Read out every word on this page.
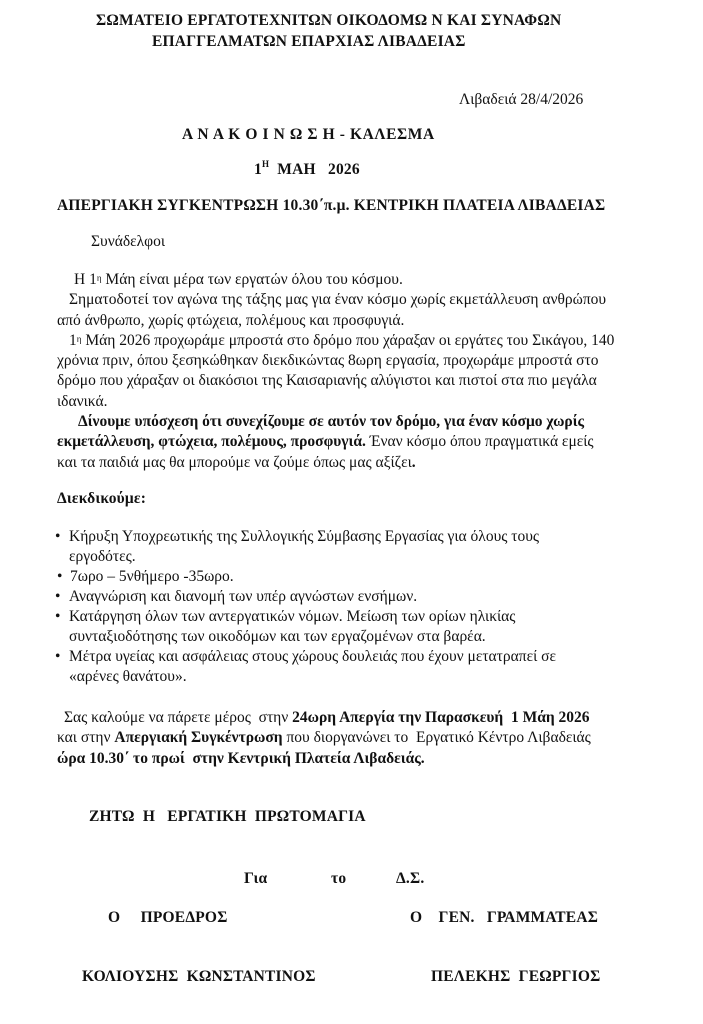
ΣΩΜΑΤΕΙΟ ΕΡΓΑΤΟΤΕΧΝΙΤΩΝ ΟΙΚΟΔΟΜΩ Ν ΚΑΙ ΣΥΝΑΦΩΝ
ΕΠΑΓΓΕΛΜΑΤΩΝ ΕΠΑΡΧΙΑΣ ΛΙΒΑΔΕΙΑΣ
Λιβαδειά 28/4/2026
Α Ν Α Κ Ο Ι Ν Ω Σ Η - ΚΑΛΕΣΜΑ
$1^H$  ΜΑΗ   2026
ΑΠΕΡΓΙΑΚΗ ΣΥΓΚΕΝΤΡΩΣΗ 10.30΄π.μ. ΚΕΝΤΡΙΚΗ ΠΛΑΤΕΙΑ ΛΙΒΑΔΕΙΑΣ
Συνάδελφοι
Η $1^\eta$ Μάη είναι μέρα των εργατών όλου του κόσμου.
Σηματοδοτεί τον αγώνα της τάξης μας για έναν κόσμο χωρίς εκμετάλλευση ανθρώπου
από άνθρωπο, χωρίς φτώχεια, πολέμους και προσφυγιά.
$1^\eta$ Μάη 2026 προχωράμε μπροστά στο δρόμο που χάραξαν οι εργάτες του Σικάγου, 140
χρόνια πριν, όπου ξεσηκώθηκαν διεκδικώντας 8ωρη εργασία, προχωράμε μπροστά στο
δρόμο που χάραξαν οι διακόσιοι της Καισαριανής αλύγιστοι και πιστοί στα πιο μεγάλα
ιδανικά.
Δίνουμε υπόσχεση ότι συνεχίζουμε σε αυτόν τον δρόμο, για έναν κόσμο χωρίς
εκμετάλλευση, φτώχεια, πολέμους, προσφυγιά. Έναν κόσμο όπου πραγματικά εμείς
και τα παιδιά μας θα μπορούμε να ζούμε όπως μας αξίζει.
Διεκδικούμε:
• Κήρυξη Υποχρεωτικής της Συλλογικής Σύμβασης Εργασίας για όλους τους
εργοδότες.
• 7ωρο – 5νθήμερο -35ωρο.
• Αναγνώριση και διανομή των υπέρ αγνώστων ενσήμων.
• Κατάργηση όλων των αντεργατικών νόμων. Μείωση των ορίων ηλικίας
συνταξιοδότησης των οικοδόμων και των εργαζομένων στα βαρέα.
• Μέτρα υγείας και ασφάλειας στους χώρους δουλειάς που έχουν μετατραπεί σε
«αρένες θανάτου».
Σας καλούμε να πάρετε μέρος  στην 24ωρη Απεργία την Παρασκευή  1 Μάη 2026
και στην Απεργιακή Συγκέντρωση που διοργανώνει το  Εργατικό Κέντρο Λιβαδειάς
ώρα 10.30΄ το πρωί  στην Κεντρική Πλατεία Λιβαδειάς.
ΖΗΤΩ  Η   ΕΡΓΑΤΙΚΗ  ΠΡΩΤΟΜΑΓΙΑ
Για	το	Δ.Σ.
Ο     ΠΡΟΕΔΡΟΣ	Ο    ΓΕΝ.   ΓΡΑΜΜΑΤΕΑΣ
ΚΟΛΙΟΥΣΗΣ  ΚΩΝΣΤΑΝΤΙΝΟΣ	ΠΕΛΕΚΗΣ  ΓΕΩΡΓΙΟΣ
